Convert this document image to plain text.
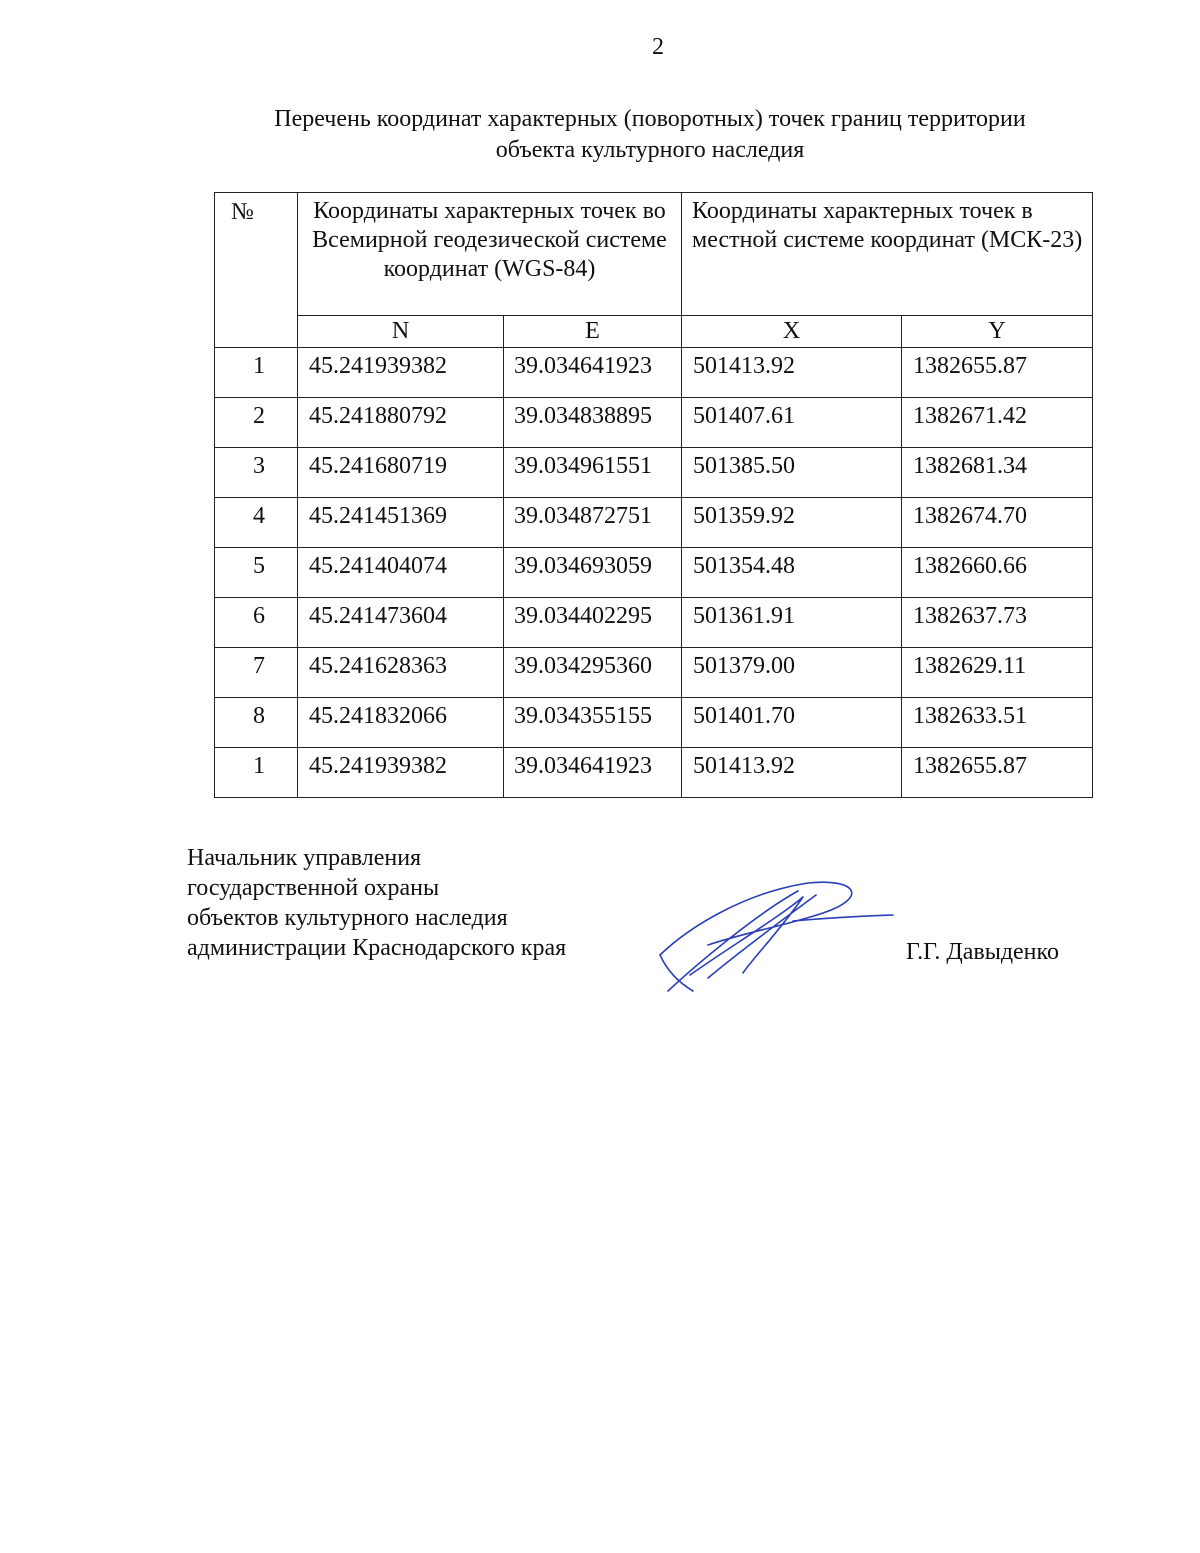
2
Перечень координат характерных (поворотных) точек границ территории
объекта культурного наследия
№	Координаты характерных точек во Всемирной геодезической системе координат (WGS-84)		Координаты характерных точек в местной системе координат (МСК-23)	
	N	E	X	Y
1	45.241939382	39.034641923	501413.92	1382655.87
2	45.241880792	39.034838895	501407.61	1382671.42
3	45.241680719	39.034961551	501385.50	1382681.34
4	45.241451369	39.034872751	501359.92	1382674.70
5	45.241404074	39.034693059	501354.48	1382660.66
6	45.241473604	39.034402295	501361.91	1382637.73
7	45.241628363	39.034295360	501379.00	1382629.11
8	45.241832066	39.034355155	501401.70	1382633.51
1	45.241939382	39.034641923	501413.92	1382655.87
Начальник управления
государственной охраны
объектов культурного наследия
администрации Краснодарского края	Г.Г. Давыденко
